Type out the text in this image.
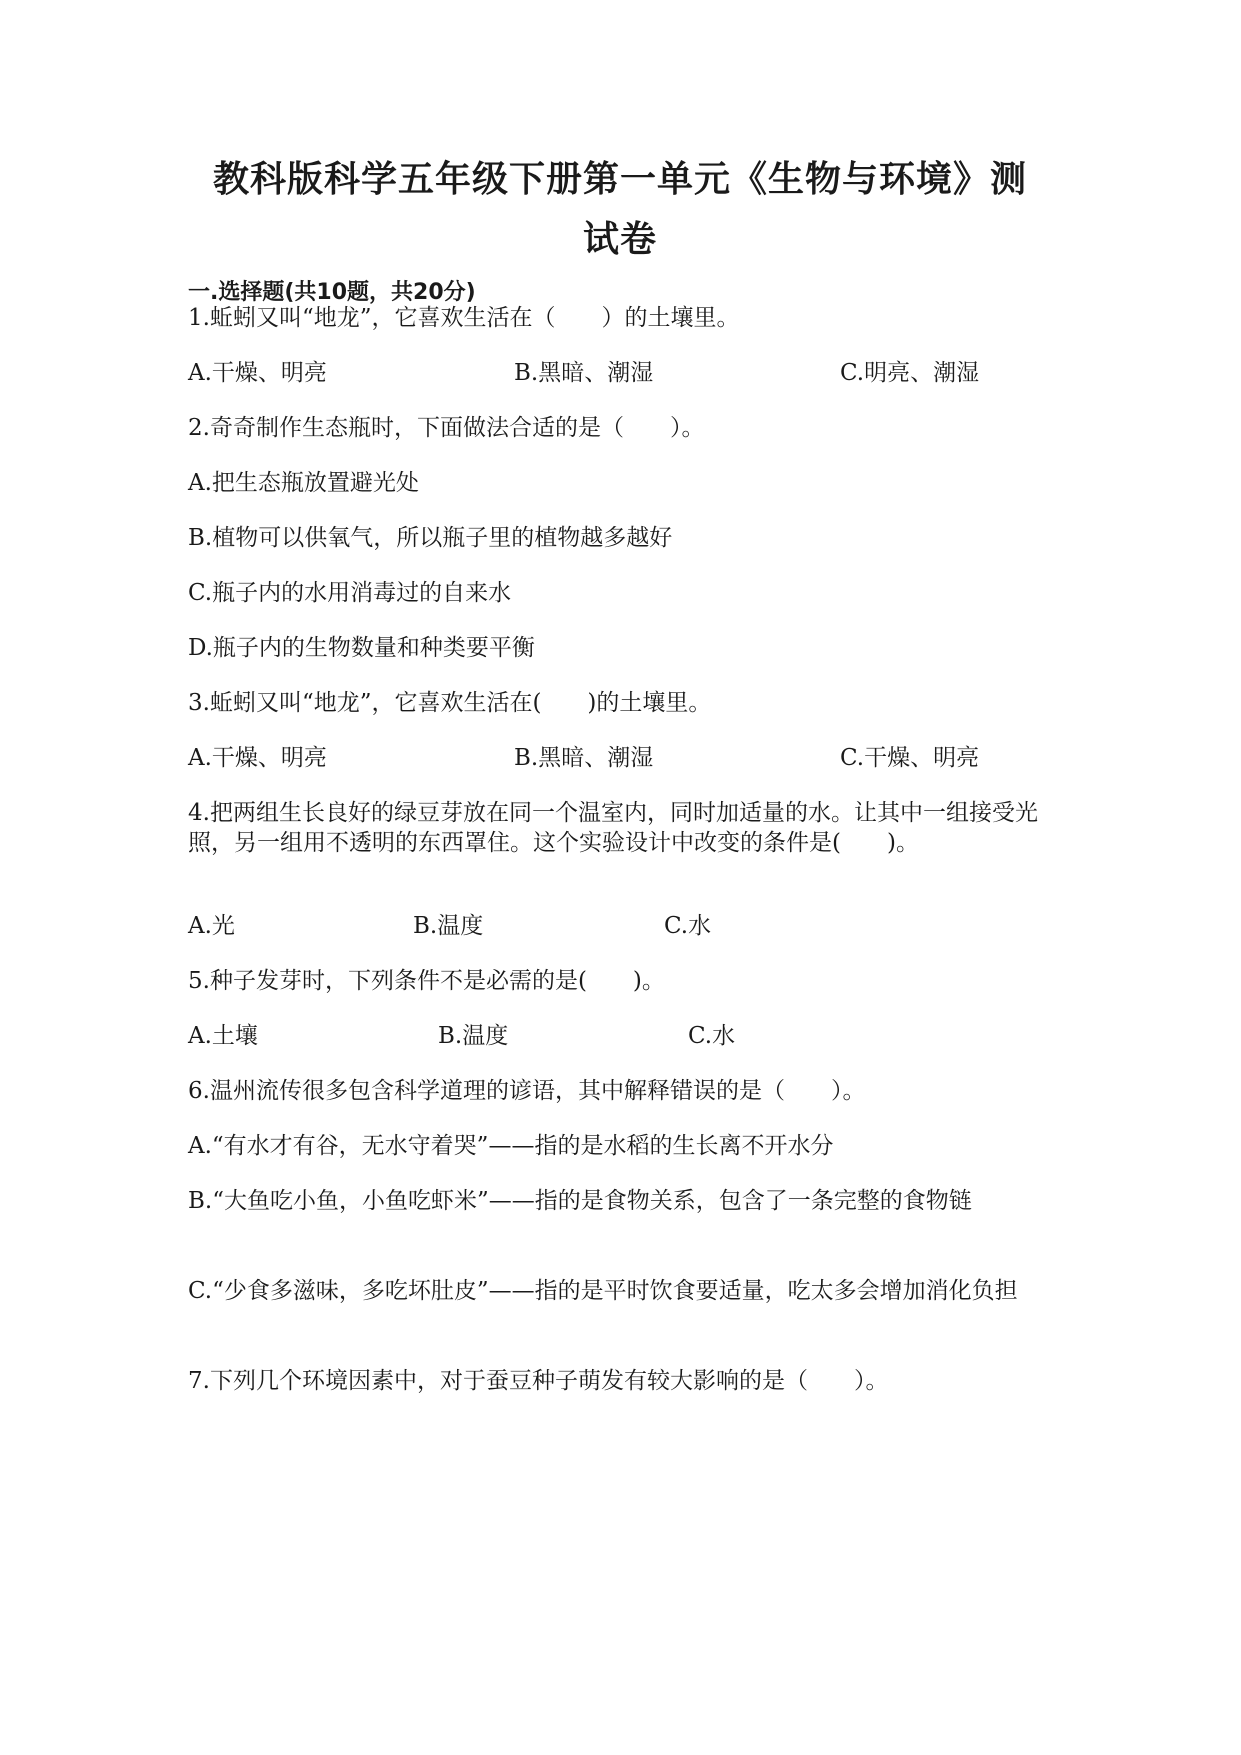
教科版科学五年级下册第一单元《生物与环境》测
试卷
一.选择题(共10题，共20分)
1.蚯蚓又叫“地龙”，它喜欢生活在（　　）的土壤里。
A.干燥、明亮	B.黑暗、潮湿	C.明亮、潮湿
2.奇奇制作生态瓶时，下面做法合适的是（　　）。
A.把生态瓶放置避光处
B.植物可以供氧气，所以瓶子里的植物越多越好
C.瓶子内的水用消毒过的自来水
D.瓶子内的生物数量和种类要平衡
3.蚯蚓又叫“地龙”，它喜欢生活在(　　)的土壤里。
A.干燥、明亮	B.黑暗、潮湿	C.干燥、明亮
4.把两组生长良好的绿豆芽放在同一个温室内，同时加适量的水。让其中一组接受光照，另一组用不透明的东西罩住。这个实验设计中改变的条件是(　　)。
A.光	B.温度	C.水
5.种子发芽时，下列条件不是必需的是(　　)。
A.土壤	B.温度	C.水
6.温州流传很多包含科学道理的谚语，其中解释错误的是（　　）。
A.“有水才有谷，无水守着哭”——指的是水稻的生长离不开水分
B.“大鱼吃小鱼，小鱼吃虾米”——指的是食物关系，包含了一条完整的食物链
C.“少食多滋味，多吃坏肚皮”——指的是平时饮食要适量，吃太多会增加消化负担
7.下列几个环境因素中，对于蚕豆种子萌发有较大影响的是（　　）。
